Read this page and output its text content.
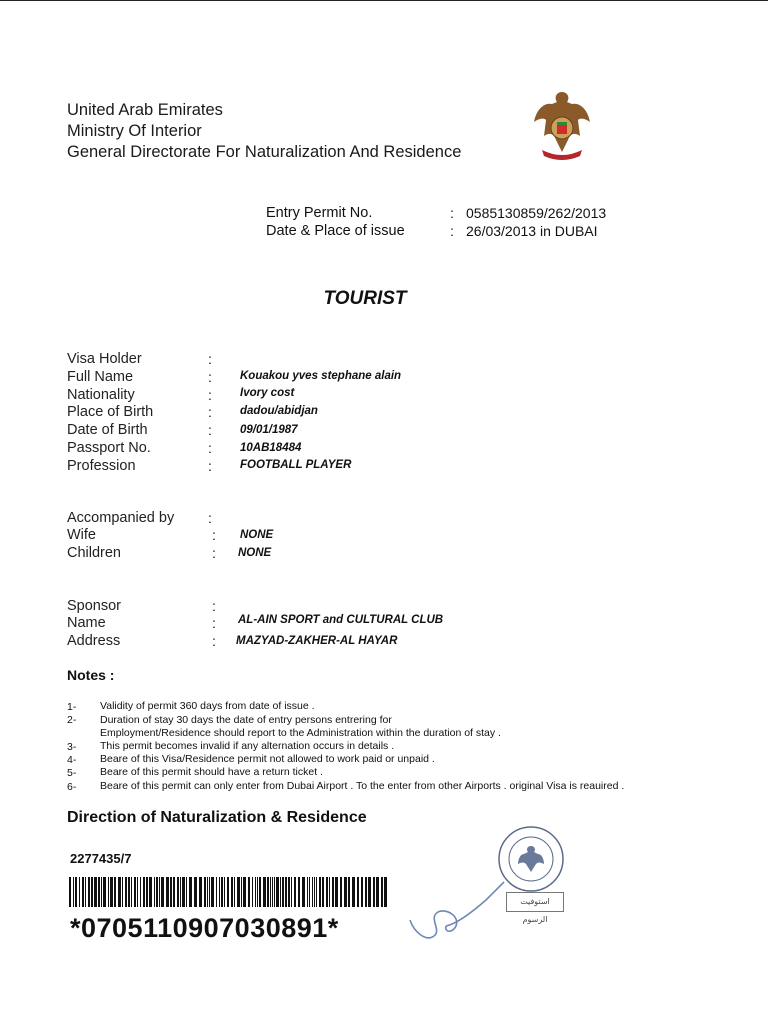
United Arab Emirates
Ministry Of Interior
General Directorate For Naturalization And Residence
Entry Permit No.	: 0585130859/262/2013
Date & Place of issue	: 26/03/2013 in DUBAI
TOURIST
Visa Holder	:
Full Name	: Kouakou yves stephane alain
Nationality	: Ivory cost
Place of Birth	: dadou/abidjan
Date of Birth	: 09/01/1987
Passport No.	: 10AB18484
Profession	: FOOTBALL PLAYER
Accompanied by :
Wife	: NONE
Children	: NONE
Sponsor	:
Name	: AL-AIN SPORT and CULTURAL CLUB
Address	: MAZYAD-ZAKHER-AL HAYAR
Notes :
1- Validity of permit 360 days from date of issue .
2- Duration of stay 30 days the date of entry persons entrering for
Employment/Residence should report to the Administration within the duration of stay .
3- This permit becomes invalid if any alternation occurs in details .
4- Beare of this Visa/Residence permit not allowed to work paid or unpaid .
5- Beare of this permit should have a return ticket .
6- Beare of this permit can only enter from Dubai Airport . To the enter from other Airports . original Visa is reauired .
Direction of Naturalization & Residence
2277435/7
*0705110907030891*
استوفيت الرسوم
